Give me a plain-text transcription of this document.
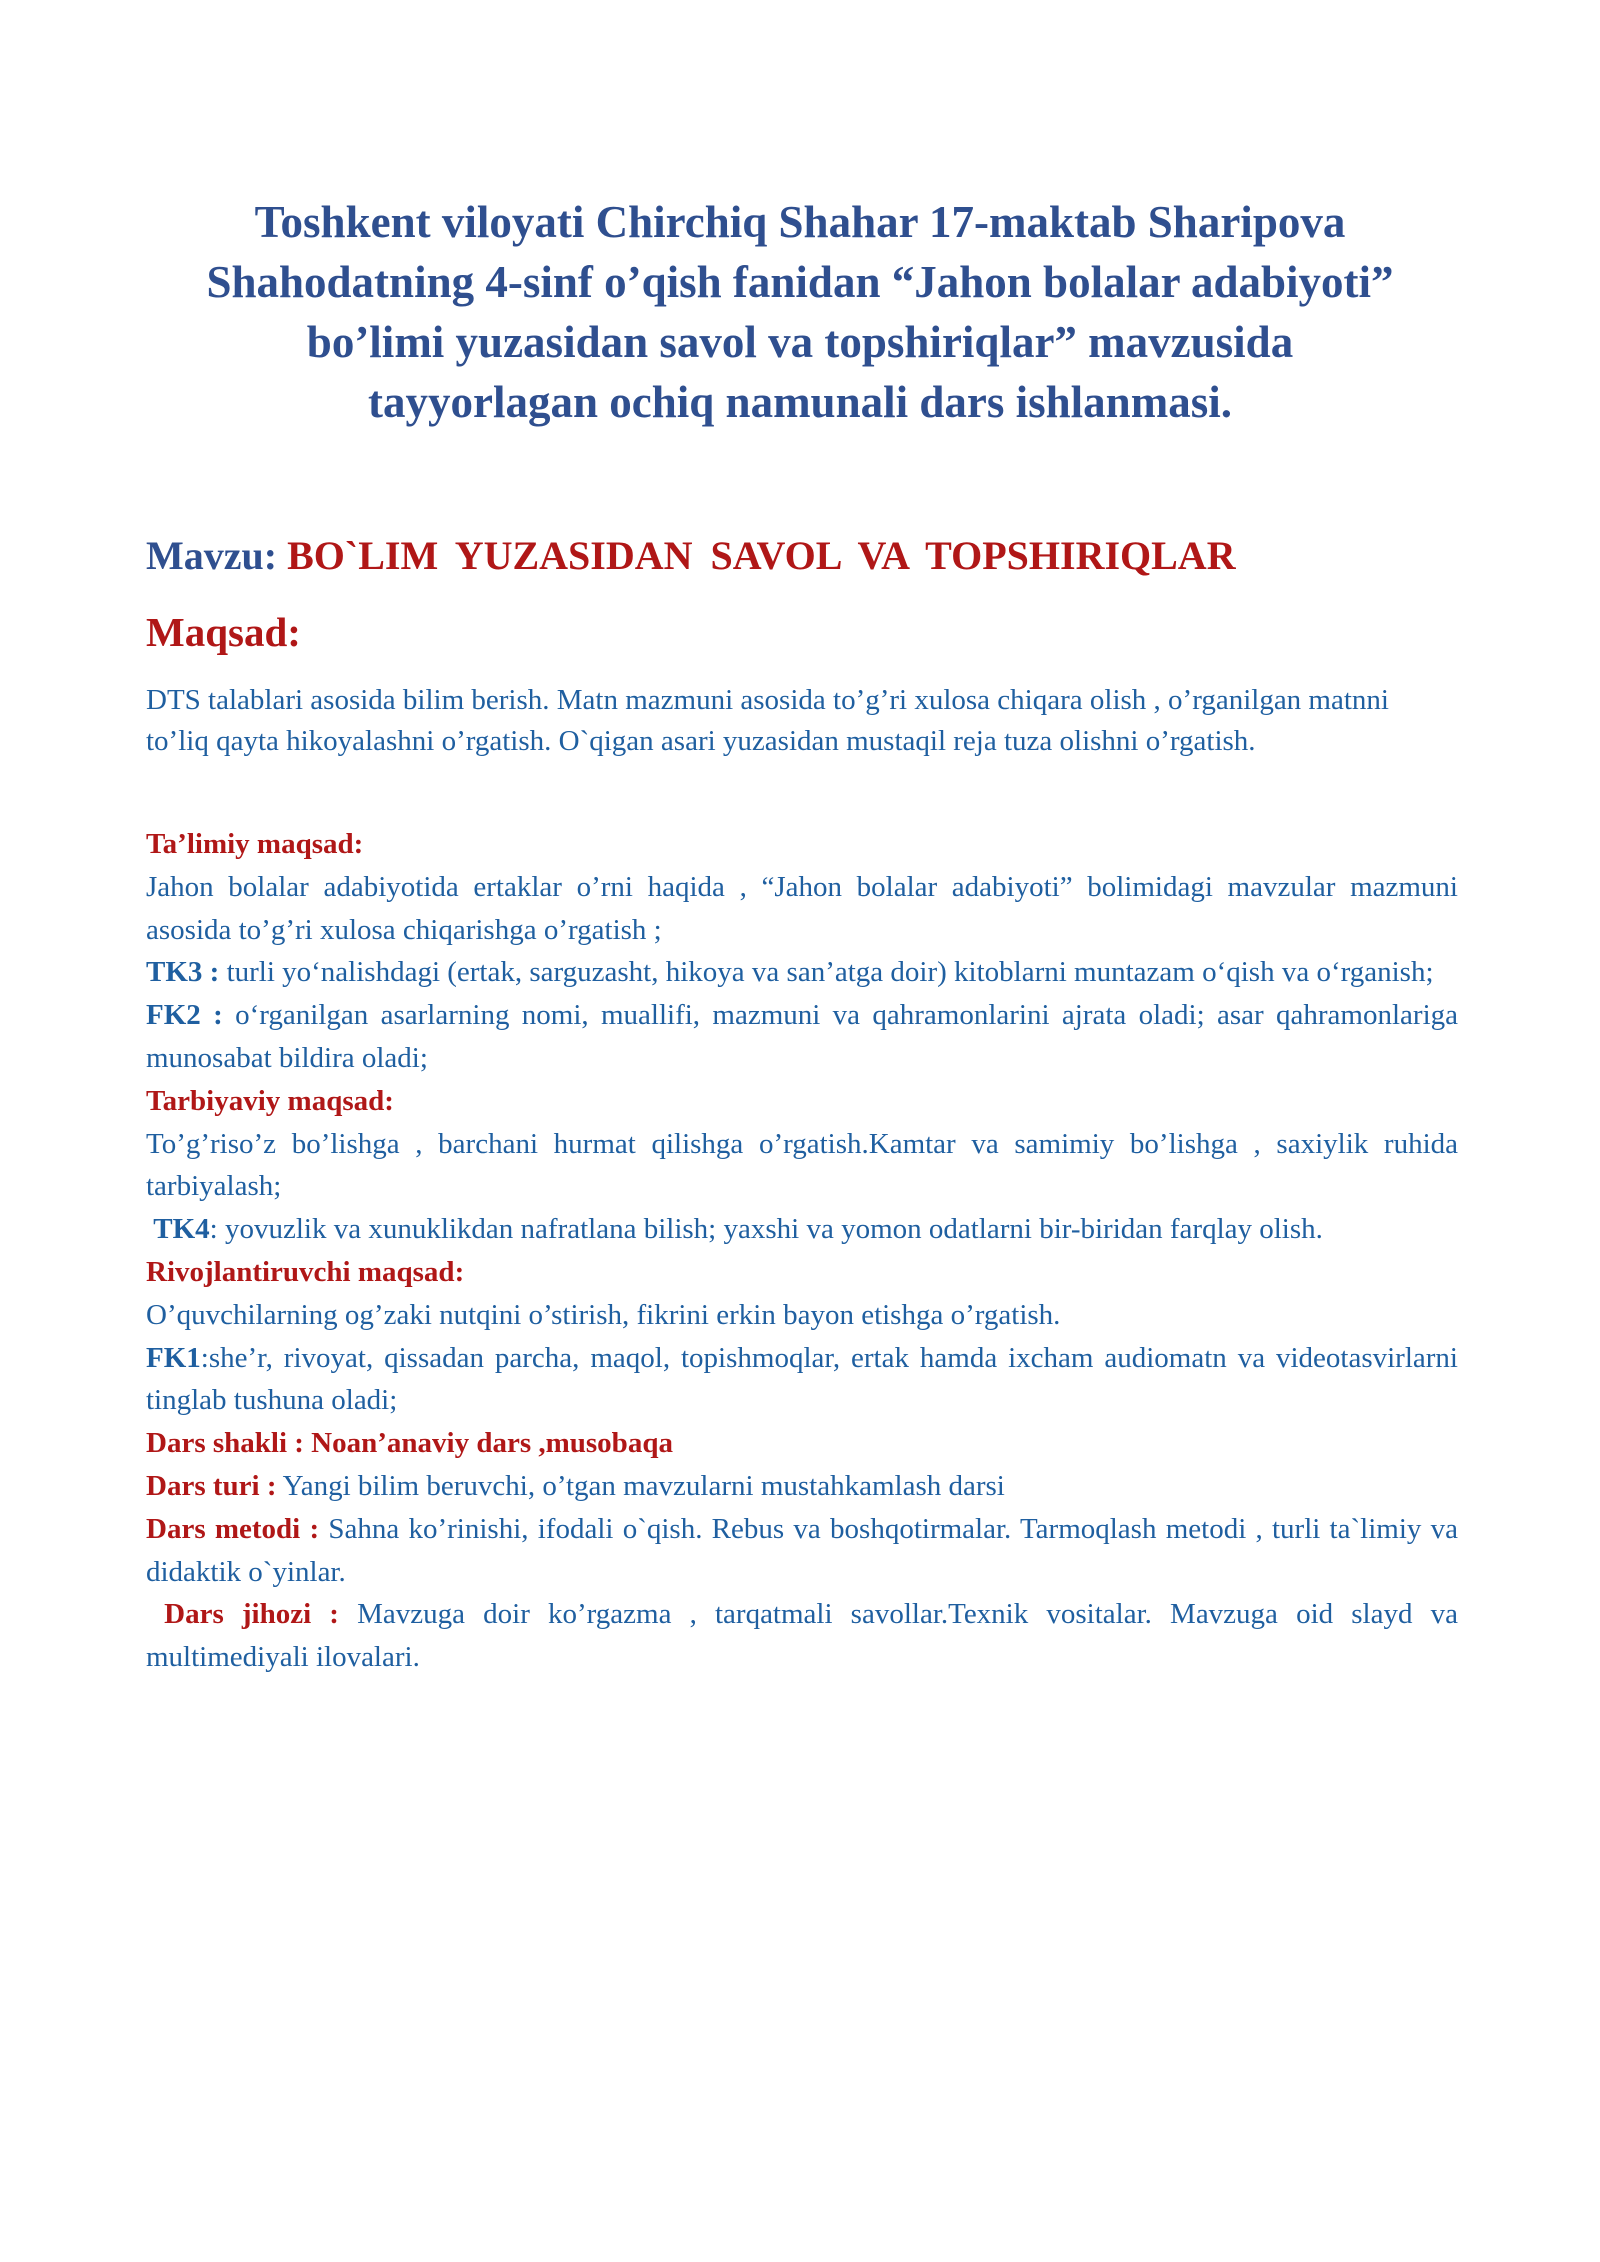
Toshkent viloyati Chirchiq Shahar 17-maktab Sharipova
Shahodatning 4-sinf o’qish fanidan “Jahon bolalar adabiyoti”
bo’limi yuzasidan savol va topshiriqlar” mavzusida
tayyorlagan ochiq namunali dars ishlanmasi.

Mavzu: BO`LIM YUZASIDAN SAVOL VA TOPSHIRIQLAR

Maqsad:

DTS talablari asosida bilim berish. Matn mazmuni asosida to’g’ri xulosa chiqara olish , o’rganilgan matnni to’liq qayta hikoyalashni o’rgatish. O`qigan asari yuzasidan mustaqil reja tuza olishni o’rgatish.

Ta’limiy maqsad:

Jahon bolalar adabiyotida ertaklar o’rni haqida , “Jahon bolalar adabiyoti” bolimidagi mavzular mazmuni asosida to’g’ri xulosa chiqarishga o’rgatish ;

TK3 : turli yo‘nalishdagi (ertak, sarguzasht, hikoya va san’atga doir) kitoblarni muntazam o‘qish va o‘rganish;

FK2 : o‘rganilgan asarlarning nomi, muallifi, mazmuni va qahramonlarini ajrata oladi; asar qahramonlariga munosabat bildira oladi;

Tarbiyaviy maqsad:

To’g’riso’z bo’lishga , barchani hurmat qilishga o’rgatish.Kamtar va samimiy bo’lishga , saxiylik ruhida tarbiyalash;

TK4: yovuzlik va xunuklikdan nafratlana bilish; yaxshi va yomon odatlarni bir-biridan farqlay olish.

Rivojlantiruvchi maqsad:

O’quvchilarning og’zaki nutqini o’stirish, fikrini erkin bayon etishga o’rgatish.

FK1:she’r, rivoyat, qissadan parcha, maqol, topishmoqlar, ertak hamda ixcham audiomatn va videotasvirlarni tinglab tushuna oladi;

Dars shakli : Noan’anaviy dars ,musobaqa

Dars turi : Yangi bilim beruvchi, o’tgan mavzularni mustahkamlash darsi

Dars metodi : Sahna ko’rinishi, ifodali o`qish. Rebus va boshqotirmalar. Tarmoqlash metodi , turli ta`limiy va didaktik o`yinlar.

Dars jihozi : Mavzuga doir ko’rgazma , tarqatmali savollar.Texnik vositalar. Mavzuga oid slayd va multimediyali ilovalari.
